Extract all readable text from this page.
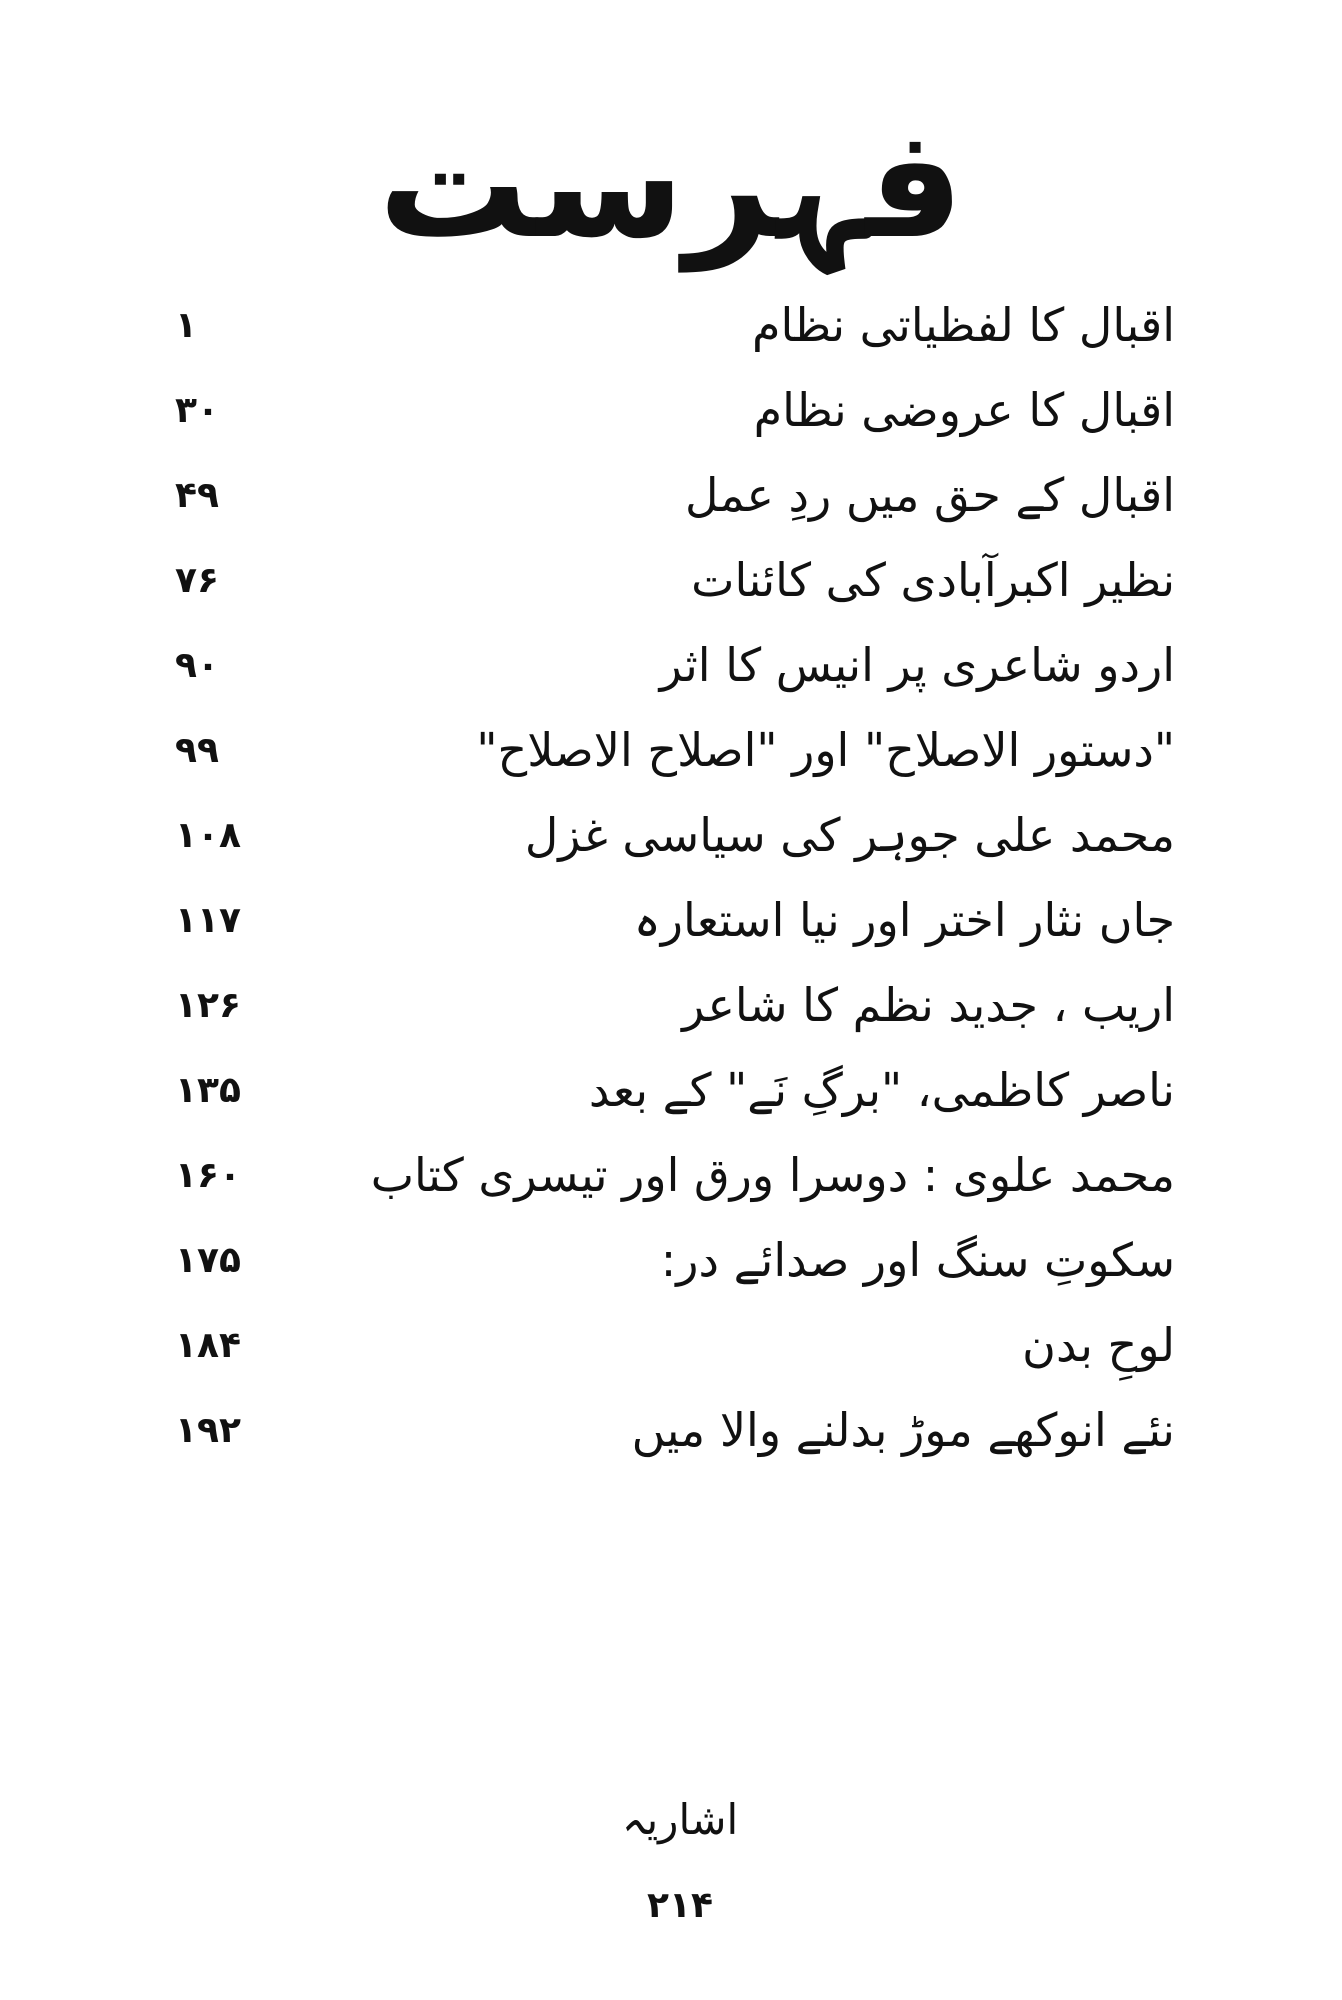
فہرست
۱	اقبال کا لفظیاتی نظام
۳۰	اقبال کا عروضی نظام
۴۹	اقبال کے حق میں ردِ عمل
۷۶	نظیر اکبرآبادی کی کائنات
۹۰	اردو شاعری پر انیس کا اثر
۹۹	"دستور الاصلاح" اور "اصلاح الاصلاح"
۱۰۸	محمد علی جوہر کی سیاسی غزل
۱۱۷	جاں نثار اختر اور نیا استعارہ
۱۲۶	اریب ، جدید نظم کا شاعر
۱۳۵	ناصر کاظمی، "برگِ نَے" کے بعد
۱۶۰	محمد علوی : دوسرا ورق اور تیسری کتاب
۱۷۵	سکوتِ سنگ اور صدائے در:
۱۸۴	لوحِ بدن
۱۹۲	نئے انوکھے موڑ بدلنے والا میں
اشاریہ
۲۱۴
